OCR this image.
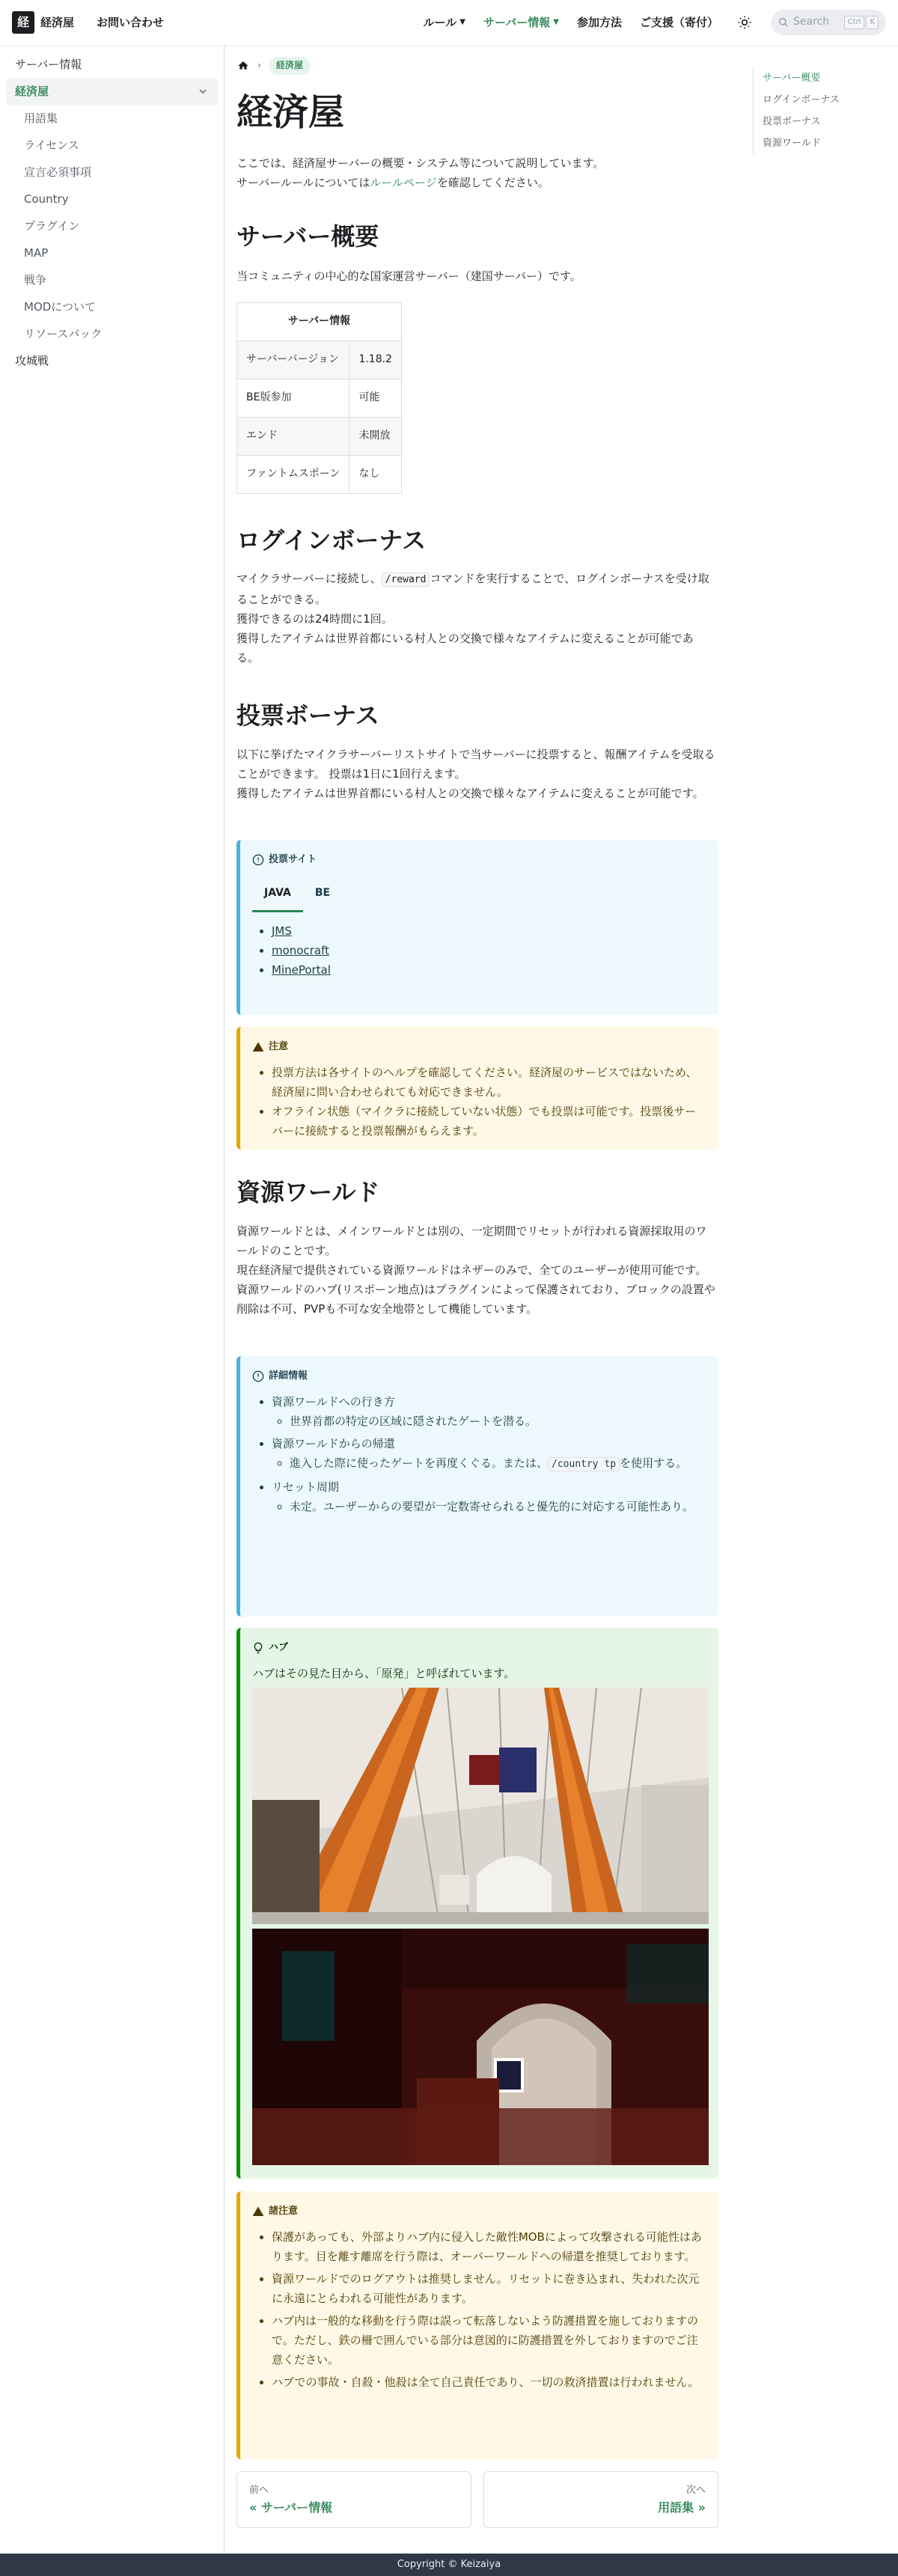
経	経済屋 お問い合わせ	ルール ▼ サーバー情報 ▼ 参加方法 ご支援（寄付）	Search	Ctrl	K
サーバー情報
経済屋
用語集
ライセンス
宣言必須事項
Country
プラグイン
MAP
戦争
MODについて
リソースパック
攻城戦
サーバー概要
ログインボーナス
投票ボーナス
資源ワールド
›	経済屋
経済屋
ここでは、経済屋サーバーの概要・システム等について説明しています。
サーバールールについてはルールページを確認してください。
サーバー概要

当コミュニティの中心的な国家運営サーバー（建国サーバー）です。

サーバー情報	
サーバーバージョン	1.18.2
BE版参加	可能
エンド	未開放
ファントムスポーン	なし
ログインボーナス
マイクラサーバーに接続し、 /reward コマンドを実行することで、ログインボーナスを受け取ることができる。
獲得できるのは24時間に1回。
獲得したアイテムは世界首都にいる村人との交換で様々なアイテムに変えることが可能である。
投票ボーナス
以下に挙げたマイクラサーバーリストサイトで当サーバーに投票すると、報酬アイテムを受取ることができます。 投票は1日に1回行えます。
獲得したアイテムは世界首都にいる村人との交換で様々なアイテムに変えることが可能です。
投票サイト
JAVA	BE
• JMS
• monocraft
• MinePortal
注意
• 投票方法は各サイトのヘルプを確認してください。経済屋のサービスではないため、経済屋に問い合わせられても対応できません。
• オフライン状態（マイクラに接続していない状態）でも投票は可能です。投票後サーバーに接続すると投票報酬がもらえます。
資源ワールド
資源ワールドとは、メインワールドとは別の、一定期間でリセットが行われる資源採取用のワールドのことです。
現在経済屋で提供されている資源ワールドはネザーのみで、全てのユーザーが使用可能です。
資源ワールドのハブ(リスポーン地点)はプラグインによって保護されており、ブロックの設置や削除は不可、PVPも不可な安全地帯として機能しています。
詳細情報
• 資源ワールドへの行き方
◦ 世界首都の特定の区域に隠されたゲートを潜る。
• 資源ワールドからの帰還
◦ 進入した際に使ったゲートを再度くぐる。または、 /country tp を使用する。
• リセット周期
◦ 未定。ユーザーからの要望が一定数寄せられると優先的に対応する可能性あり。
ハブ
ハブはその見た目から、「原発」と呼ばれています。
諸注意
• 保護があっても、外部よりハブ内に侵入した敵性MOBによって攻撃される可能性はあります。目を離す離席を行う際は、オーバーワールドへの帰還を推奨しております。
• 資源ワールドでのログアウトは推奨しません。リセットに巻き込まれ、失われた次元に永遠にとらわれる可能性があります。
• ハブ内は一般的な移動を行う際は誤って転落しないよう防護措置を施しておりますので。ただし、鉄の柵で囲んでいる部分は意図的に防護措置を外しておりますのでご注意ください。
• ハブでの事故・自殺・他殺は全て自己責任であり、一切の救済措置は行われません。
前へ
« サーバー情報
次へ
用語集 »
Copyright © Keizaiya
